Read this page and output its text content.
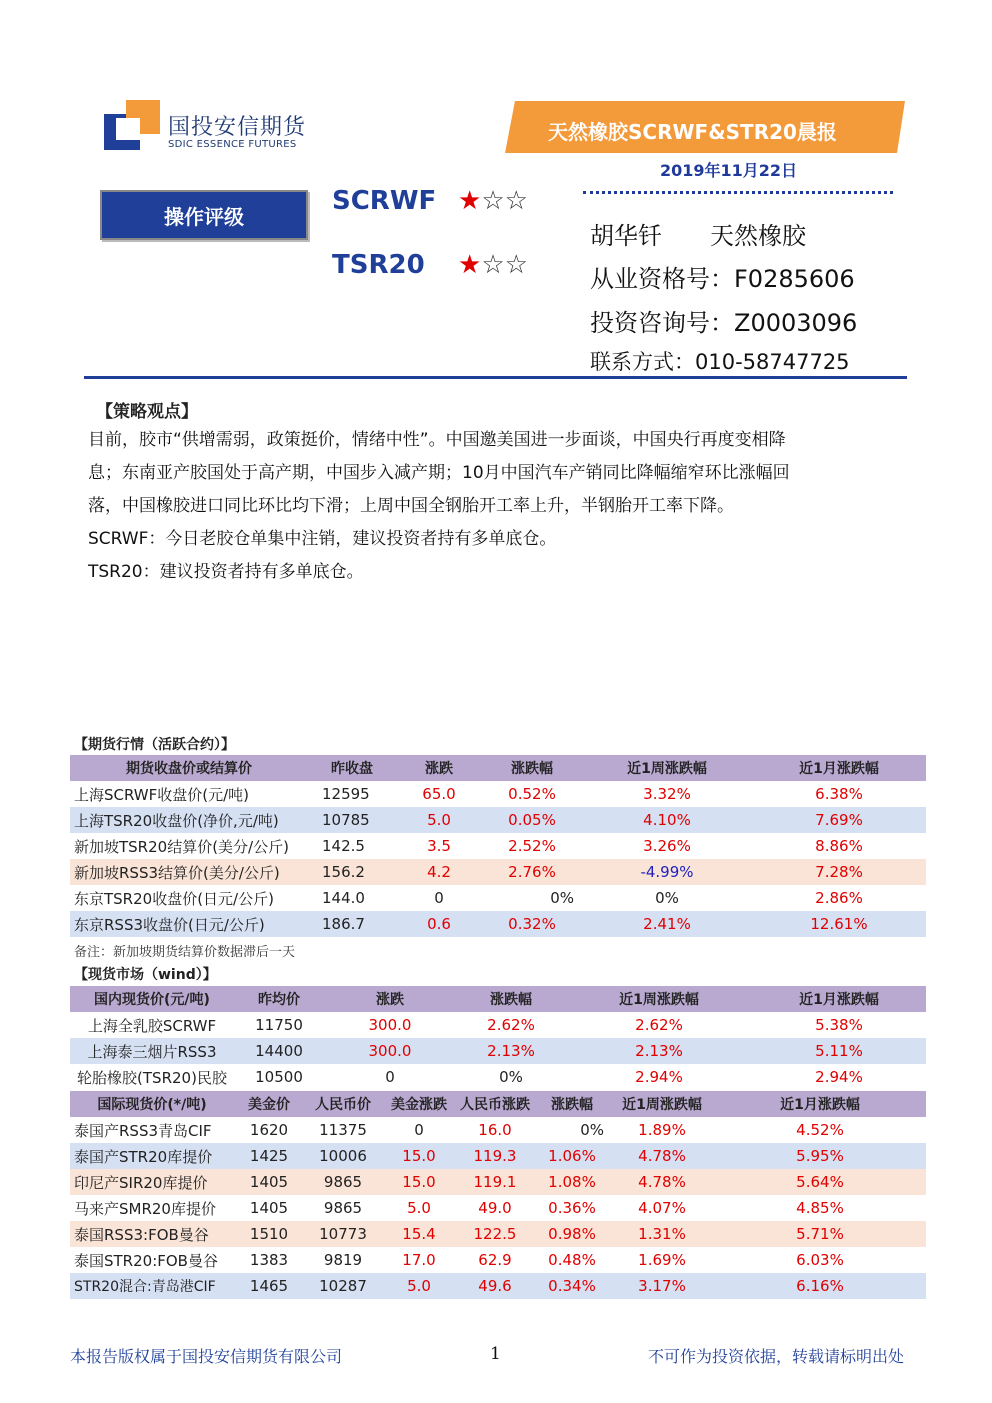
国投安信期货
SDIC ESSENCE FUTURES
天然橡胶SCRWF&STR20晨报
2019年11月22日
操作评级
SCRWF ★☆☆
TSR20 ★☆☆
胡华钎　　天然橡胶
从业资格号：F0285606
投资咨询号：Z0003096
联系方式：010-58747725
【策略观点】

目前，胶市“供增需弱，政策挺价，情绪中性”。中国邀美国进一步面谈，中国央行再度变相降

息；东南亚产胶国处于高产期，中国步入减产期；10月中国汽车产销同比降幅缩窄环比涨幅回

落，中国橡胶进口同比环比均下滑；上周中国全钢胎开工率上升，半钢胎开工率下降。

SCRWF：今日老胶仓单集中注销，建议投资者持有多单底仓。

TSR20：建议投资者持有多单底仓。

【期货行情（活跃合约）】
期货收盘价或结算价	昨收盘	涨跌	涨跌幅	近1周涨跌幅	近1月涨跌幅
上海SCRWF收盘价(元/吨)	12595	65.0	0.52%	3.32%	6.38%
上海TSR20收盘价(净价,元/吨)	10785	5.0	0.05%	4.10%	7.69%
新加坡TSR20结算价(美分/公斤)	142.5	3.5	2.52%	3.26%	8.86%
新加坡RSS3结算价(美分/公斤)	156.2	4.2	2.76%	-4.99%	7.28%
东京TSR20收盘价(日元/公斤)	144.0	0	0%	0%	2.86%
东京RSS3收盘价(日元/公斤)	186.7	0.6	0.32%	2.41%	12.61%
备注：新加坡期货结算价数据滞后一天
【现货市场（wind）】
国内现货价(元/吨)	昨均价	涨跌	涨跌幅	近1周涨跌幅	近1月涨跌幅
上海全乳胶SCRWF	11750	300.0	2.62%	2.62%	5.38%
上海泰三烟片RSS3	14400	300.0	2.13%	2.13%	5.11%
轮胎橡胶(TSR20)民胶	10500	0	0%	2.94%	2.94%
国际现货价(*/吨)	美金价	人民币价	美金涨跌	人民币涨跌	涨跌幅	近1周涨跌幅	近1月涨跌幅
泰国产RSS3青岛CIF	1620	11375	0	16.0	0%	1.89%	4.52%
泰国产STR20库提价	1425	10006	15.0	119.3	1.06%	4.78%	5.95%
印尼产SIR20库提价	1405	9865	15.0	119.1	1.08%	4.78%	5.64%
马来产SMR20库提价	1405	9865	5.0	49.0	0.36%	4.07%	4.85%
泰国RSS3:FOB曼谷	1510	10773	15.4	122.5	0.98%	1.31%	5.71%
泰国STR20:FOB曼谷	1383	9819	17.0	62.9	0.48%	1.69%	6.03%
STR20混合:青岛港CIF	1465	10287	5.0	49.6	0.34%	3.17%	6.16%
本报告版权属于国投安信期货有限公司	1	不可作为投资依据，转载请标明出处
